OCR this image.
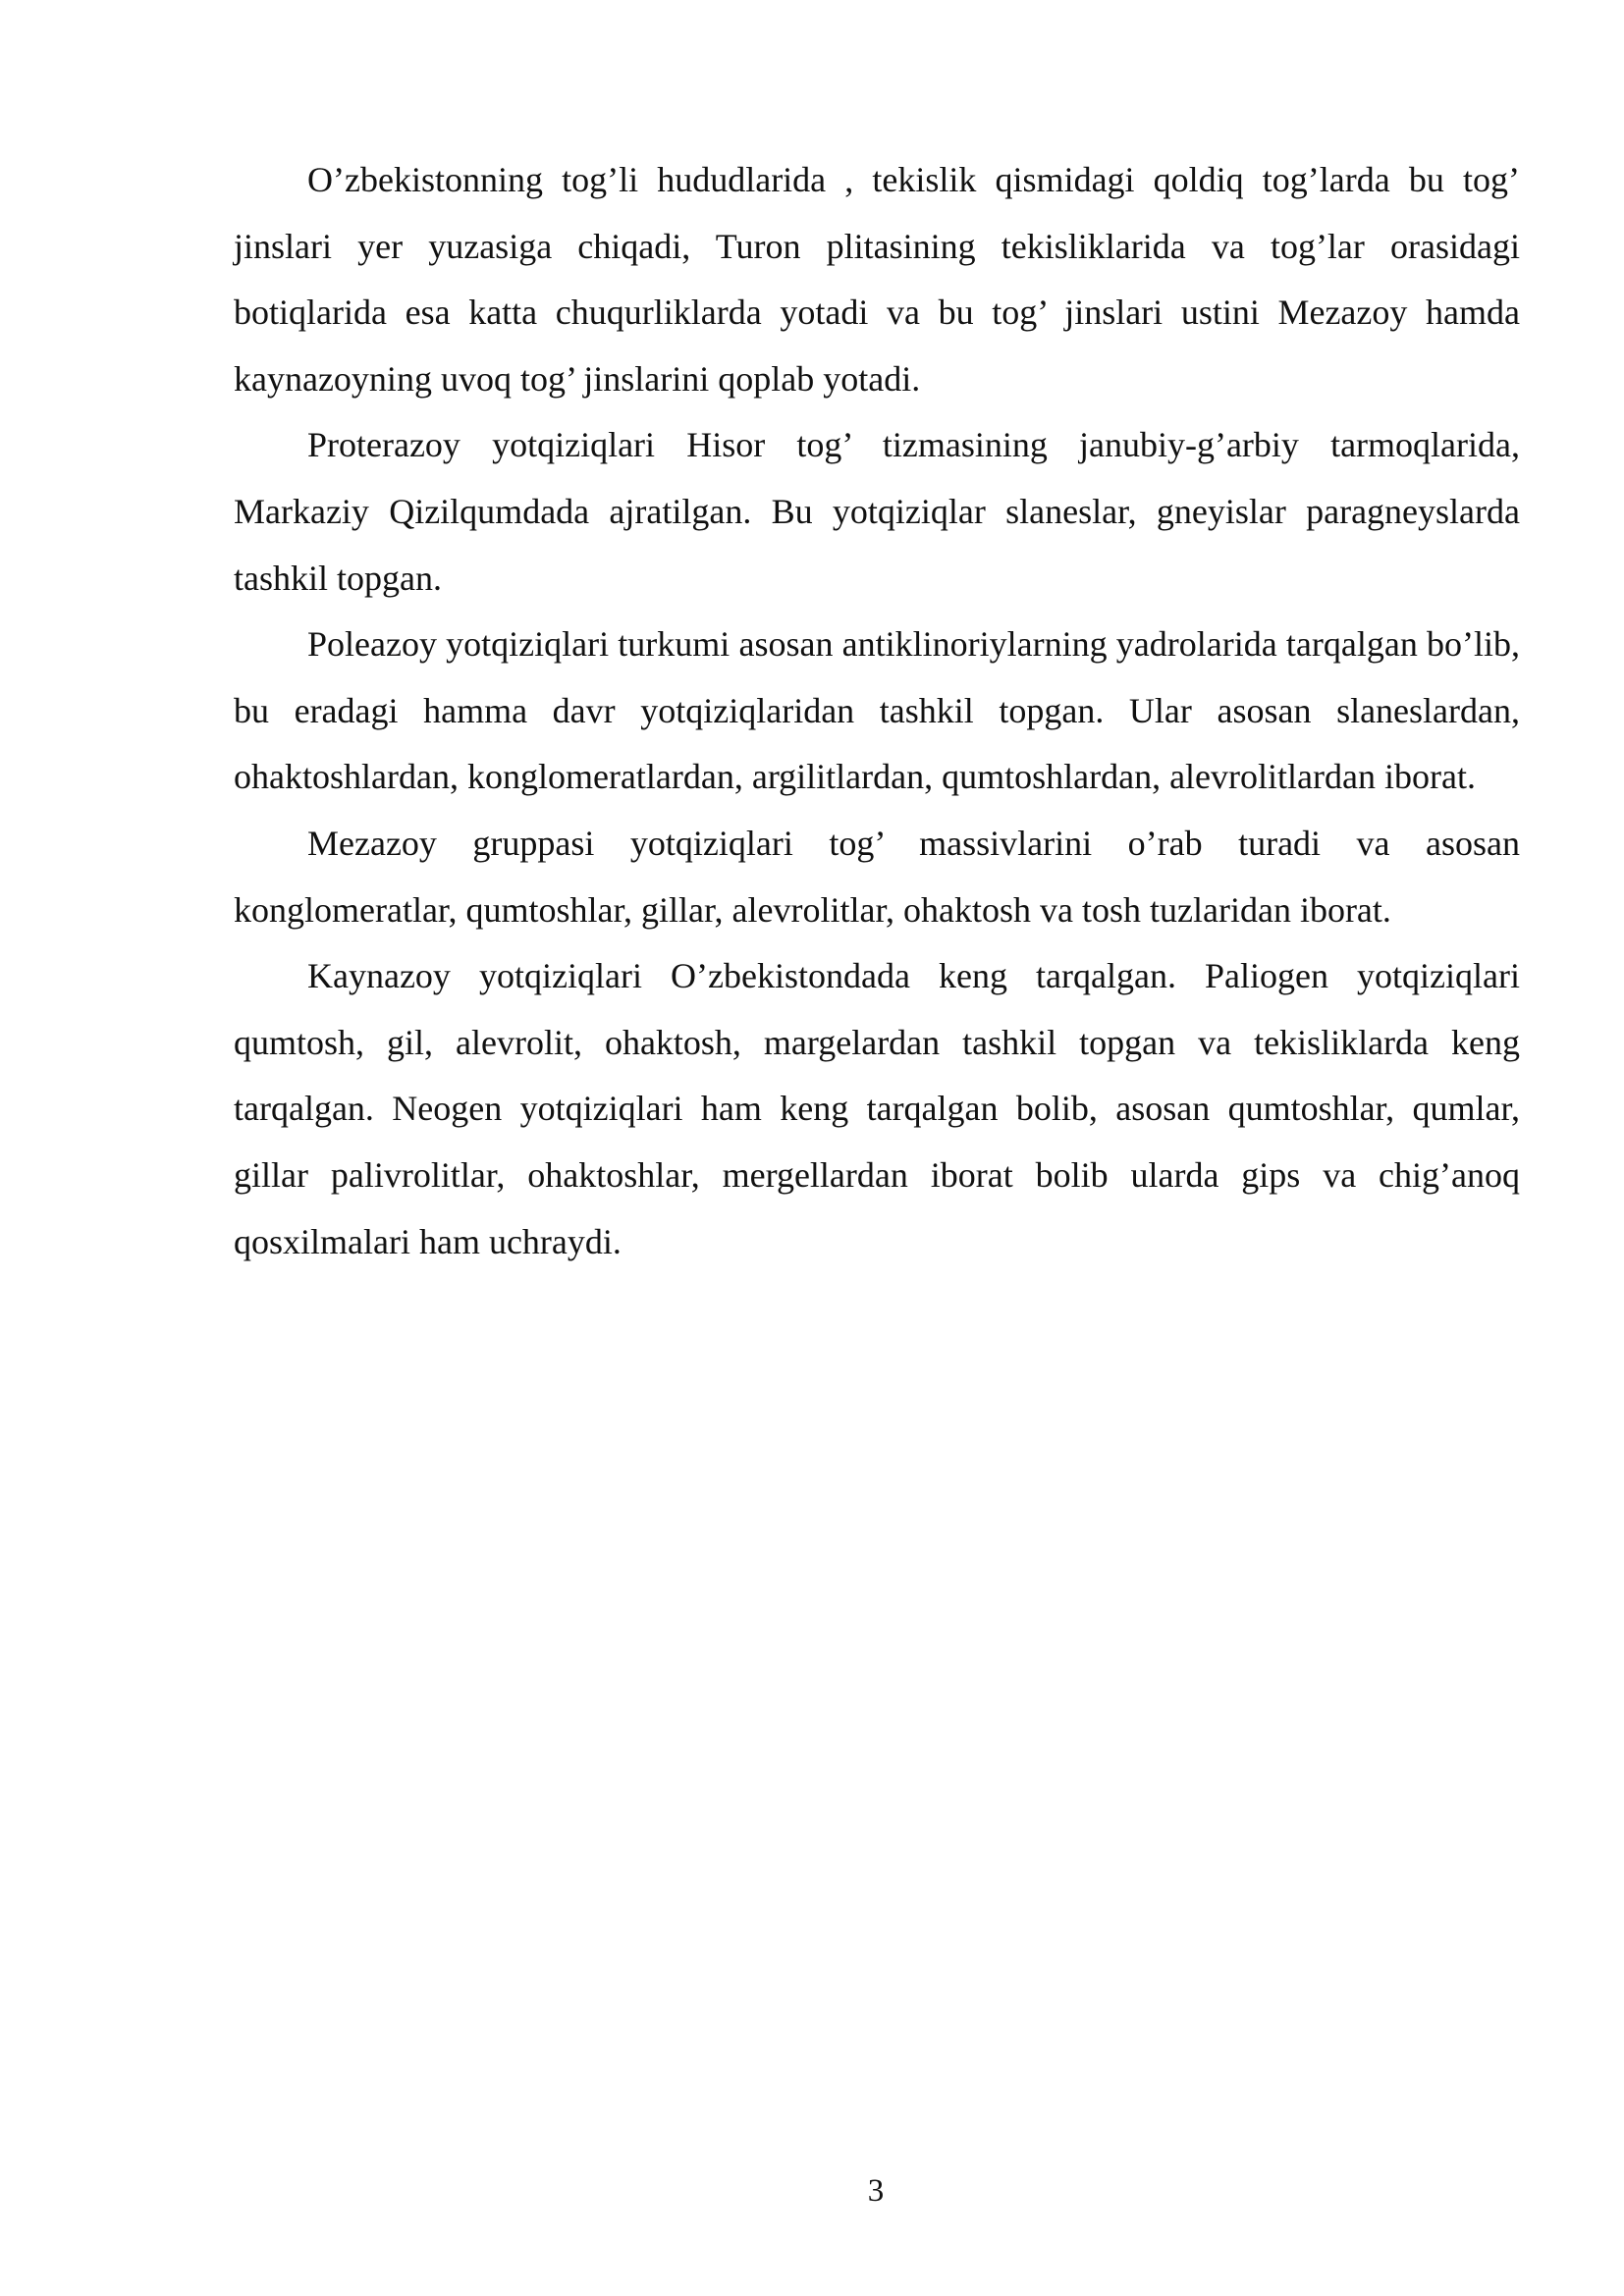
O’zbekistonning tog’li hududlarida , tekislik qismidagi qoldiq tog’larda bu tog’ jinslari yer yuzasiga chiqadi, Turon plitasining tekisliklarida va tog’lar orasidagi botiqlarida esa katta chuqurliklarda yotadi va bu tog’ jinslari ustini Mezazoy hamda kaynazoyning uvoq tog’ jinslarini qoplab yotadi.

Proterazoy yotqiziqlari Hisor tog’ tizmasining janubiy-g’arbiy tarmoqlarida, Markaziy Qizilqumdada ajratilgan. Bu yotqiziqlar slaneslar, gneyislar paragneyslarda tashkil topgan.

Poleazoy yotqiziqlari turkumi asosan antiklinoriylarning yadrolarida tarqalgan bo’lib, bu eradagi hamma davr yotqiziqlaridan tashkil topgan. Ular asosan slaneslardan, ohaktoshlardan, konglomeratlardan, argilitlardan, qumtoshlardan, alevrolitlardan iborat.

Mezazoy gruppasi yotqiziqlari tog’ massivlarini o’rab turadi va asosan konglomeratlar, qumtoshlar, gillar, alevrolitlar, ohaktosh va tosh tuzlaridan iborat.

Kaynazoy yotqiziqlari O’zbekistondada keng tarqalgan. Paliogen yotqiziqlari qumtosh, gil, alevrolit, ohaktosh, margelardan tashkil topgan va tekisliklarda keng tarqalgan. Neogen yotqiziqlari ham keng tarqalgan bolib, asosan qumtoshlar, qumlar, gillar palivrolitlar, ohaktoshlar, mergellardan iborat bolib ularda gips va chig’anoq qosxilmalari ham uchraydi.

3
